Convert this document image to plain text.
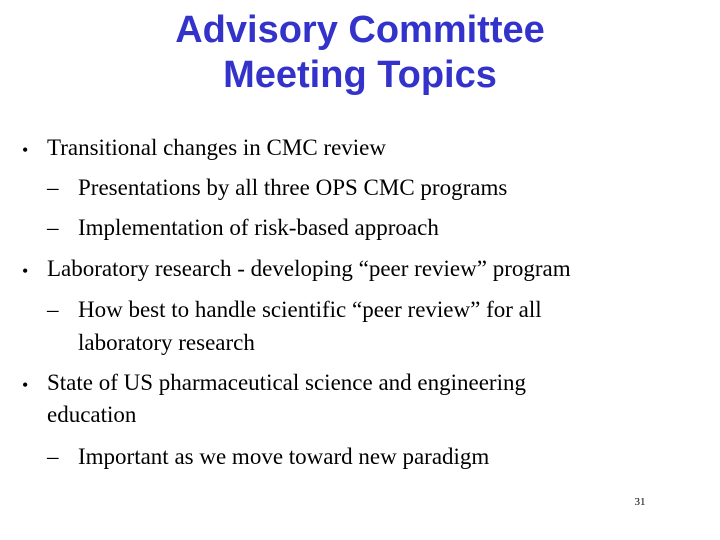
Advisory Committee
Meeting Topics
• Transitional changes in CMC review
– Presentations by all three OPS CMC programs
– Implementation of risk-based approach
• Laboratory research - developing “peer review” program
– How best to handle scientific “peer review” for all
laboratory research
• State of US pharmaceutical science and engineering
education
– Important as we move toward new paradigm
31
